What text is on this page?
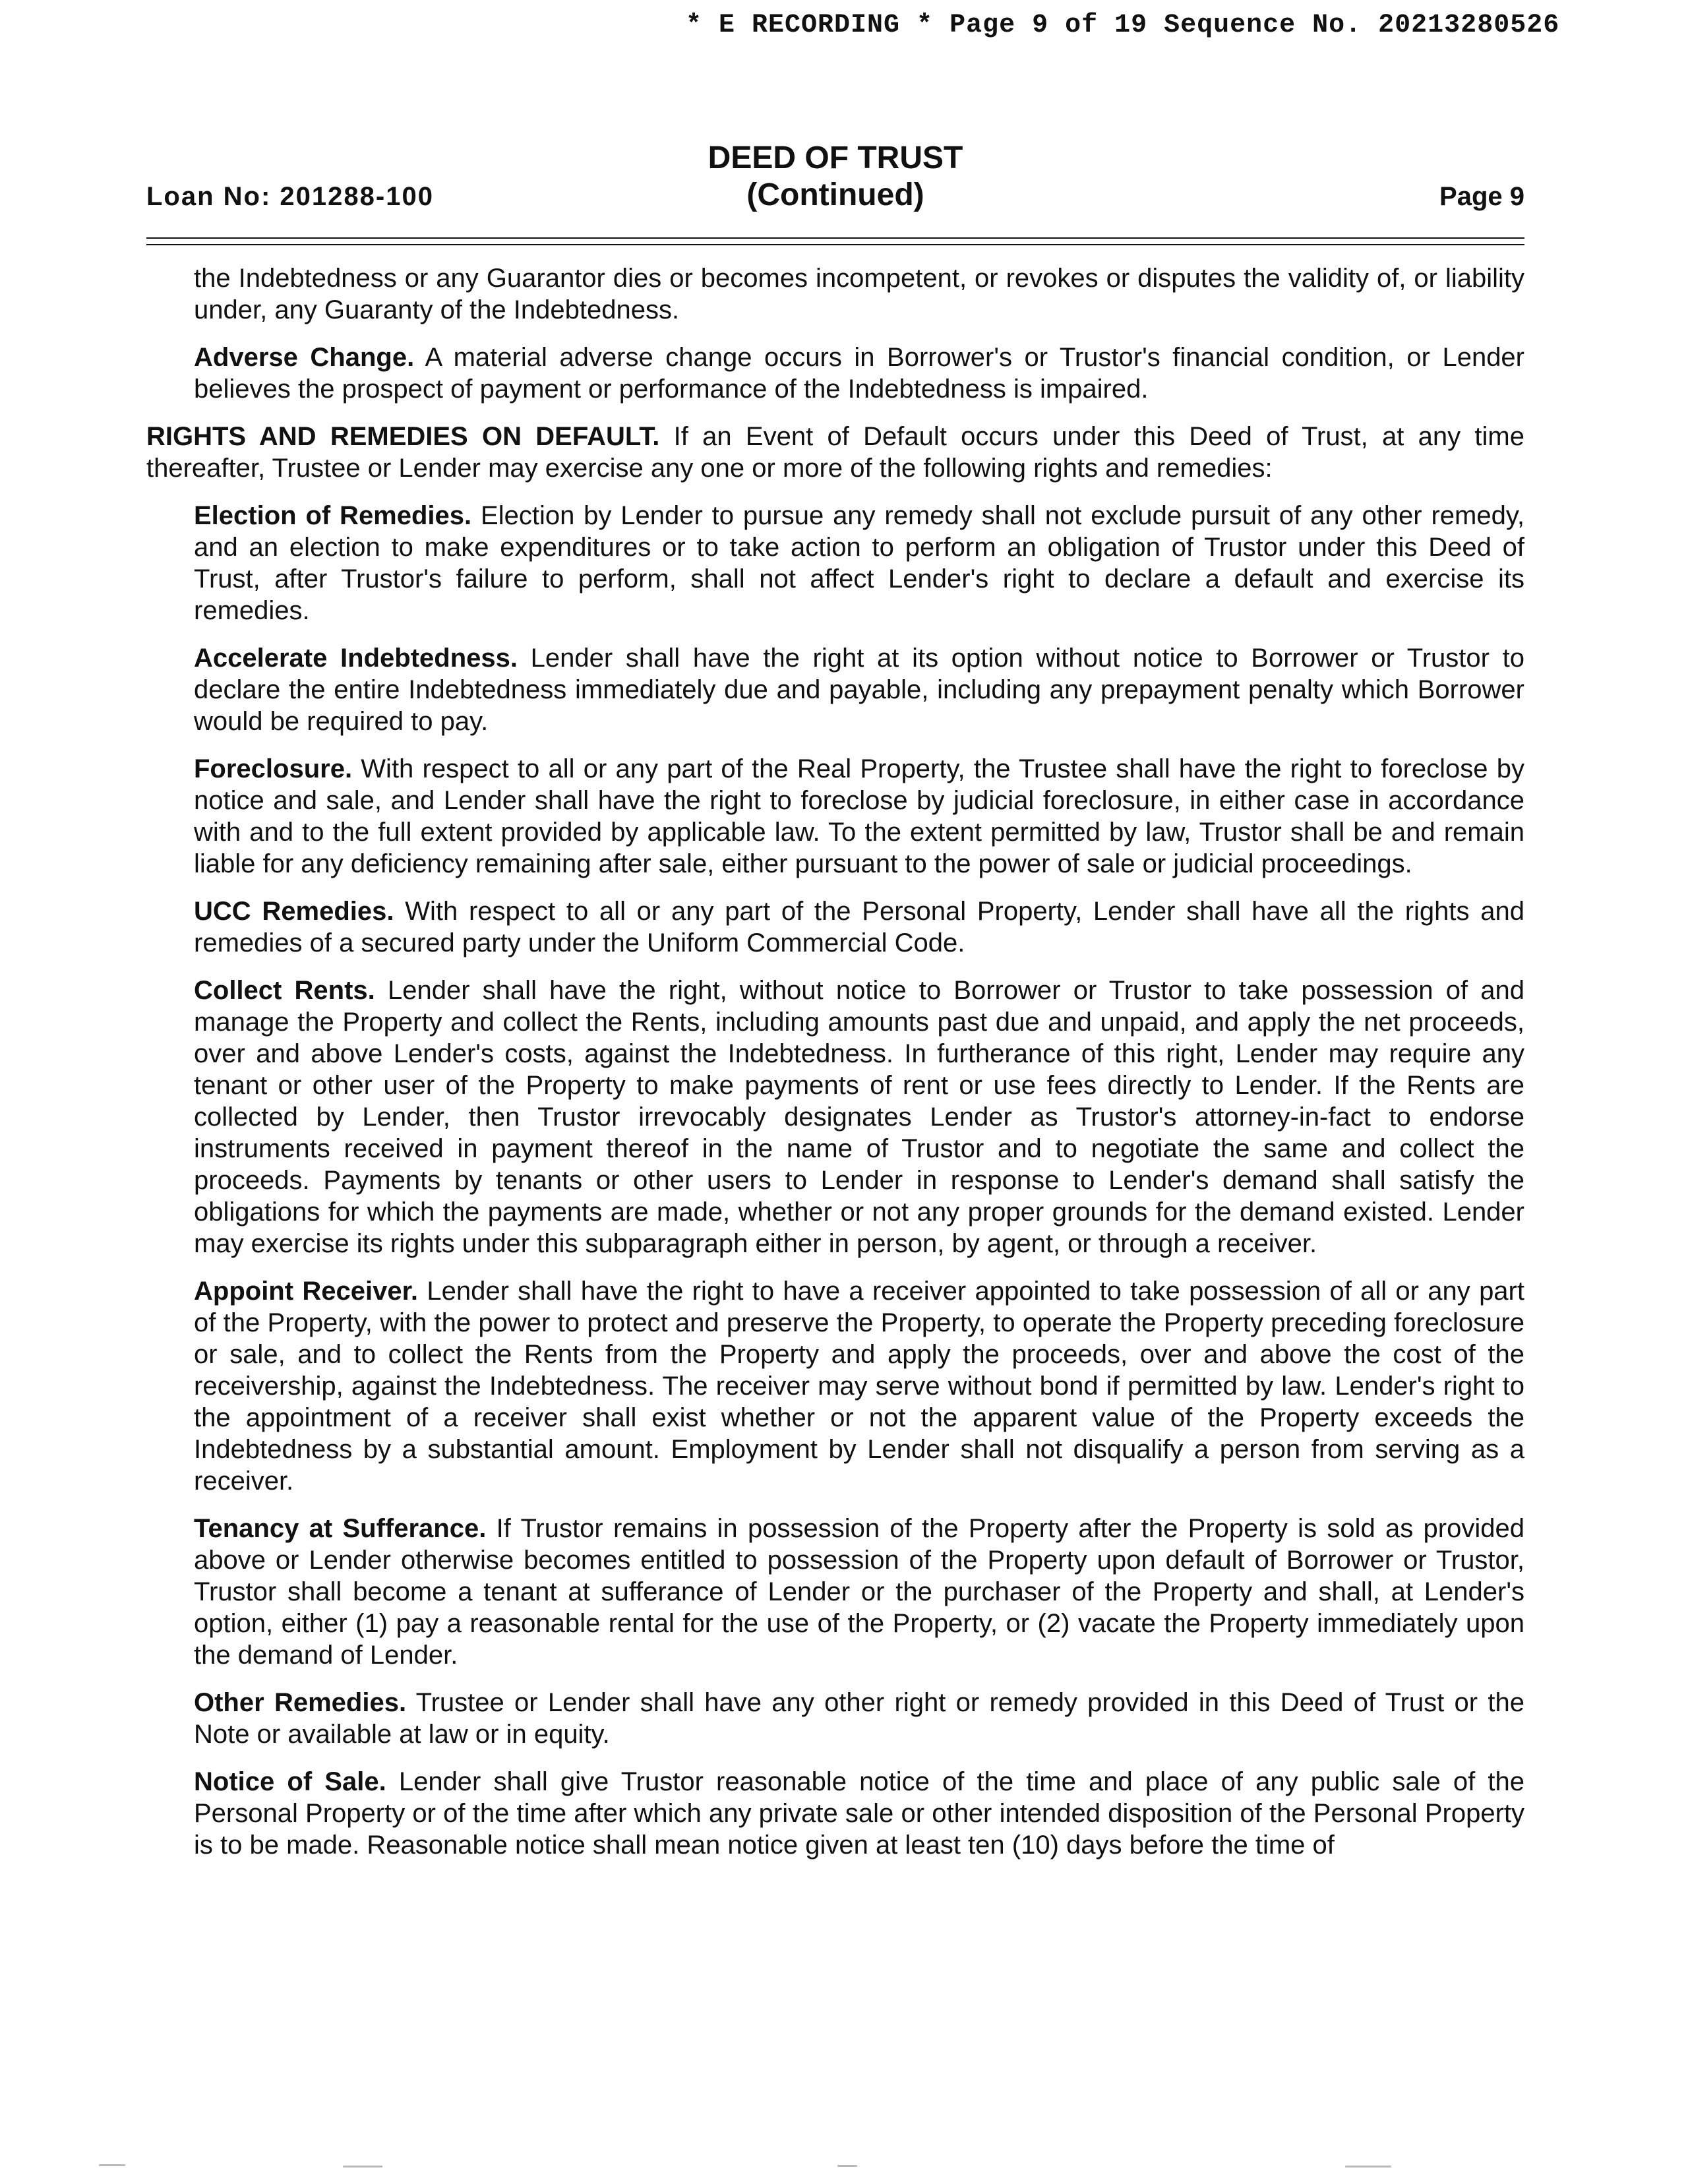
* E RECORDING * Page 9 of 19 Sequence No. 20213280526
Loan No: 201288-100
DEED OF TRUST
(Continued)	Page 9

the Indebtedness or any Guarantor dies or becomes incompetent, or revokes or disputes the validity of, or liability under, any Guaranty of the Indebtedness.

Adverse Change. A material adverse change occurs in Borrower's or Trustor's financial condition, or Lender believes the prospect of payment or performance of the Indebtedness is impaired.

RIGHTS AND REMEDIES ON DEFAULT. If an Event of Default occurs under this Deed of Trust, at any time thereafter, Trustee or Lender may exercise any one or more of the following rights and remedies:

Election of Remedies. Election by Lender to pursue any remedy shall not exclude pursuit of any other remedy, and an election to make expenditures or to take action to perform an obligation of Trustor under this Deed of Trust, after Trustor's failure to perform, shall not affect Lender's right to declare a default and exercise its remedies.

Accelerate Indebtedness. Lender shall have the right at its option without notice to Borrower or Trustor to declare the entire Indebtedness immediately due and payable, including any prepayment penalty which Borrower would be required to pay.

Foreclosure. With respect to all or any part of the Real Property, the Trustee shall have the right to foreclose by notice and sale, and Lender shall have the right to foreclose by judicial foreclosure, in either case in accordance with and to the full extent provided by applicable law. To the extent permitted by law, Trustor shall be and remain liable for any deficiency remaining after sale, either pursuant to the power of sale or judicial proceedings.

UCC Remedies. With respect to all or any part of the Personal Property, Lender shall have all the rights and remedies of a secured party under the Uniform Commercial Code.

Collect Rents. Lender shall have the right, without notice to Borrower or Trustor to take possession of and manage the Property and collect the Rents, including amounts past due and unpaid, and apply the net proceeds, over and above Lender's costs, against the Indebtedness. In furtherance of this right, Lender may require any tenant or other user of the Property to make payments of rent or use fees directly to Lender. If the Rents are collected by Lender, then Trustor irrevocably designates Lender as Trustor's attorney-in-fact to endorse instruments received in payment thereof in the name of Trustor and to negotiate the same and collect the proceeds. Payments by tenants or other users to Lender in response to Lender's demand shall satisfy the obligations for which the payments are made, whether or not any proper grounds for the demand existed. Lender may exercise its rights under this subparagraph either in person, by agent, or through a receiver.

Appoint Receiver. Lender shall have the right to have a receiver appointed to take possession of all or any part of the Property, with the power to protect and preserve the Property, to operate the Property preceding foreclosure or sale, and to collect the Rents from the Property and apply the proceeds, over and above the cost of the receivership, against the Indebtedness. The receiver may serve without bond if permitted by law. Lender's right to the appointment of a receiver shall exist whether or not the apparent value of the Property exceeds the Indebtedness by a substantial amount. Employment by Lender shall not disqualify a person from serving as a receiver.

Tenancy at Sufferance. If Trustor remains in possession of the Property after the Property is sold as provided above or Lender otherwise becomes entitled to possession of the Property upon default of Borrower or Trustor, Trustor shall become a tenant at sufferance of Lender or the purchaser of the Property and shall, at Lender's option, either (1) pay a reasonable rental for the use of the Property, or (2) vacate the Property immediately upon the demand of Lender.

Other Remedies. Trustee or Lender shall have any other right or remedy provided in this Deed of Trust or the Note or available at law or in equity.

Notice of Sale. Lender shall give Trustor reasonable notice of the time and place of any public sale of the Personal Property or of the time after which any private sale or other intended disposition of the Personal Property is to be made. Reasonable notice shall mean notice given at least ten (10) days before the time of
